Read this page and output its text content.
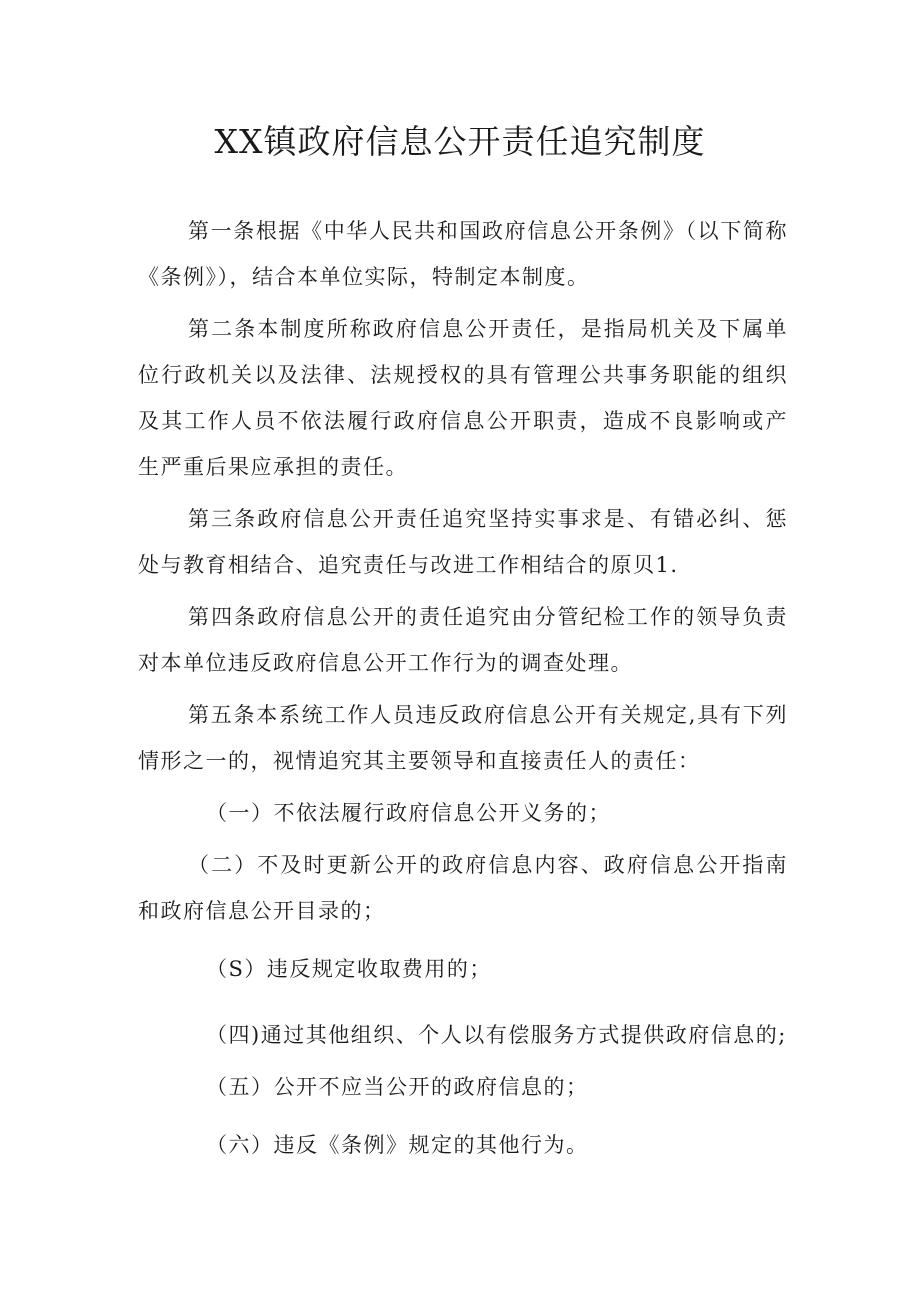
XX镇政府信息公开责任追究制度

第一条根据《中华人民共和国政府信息公开条例》（以下简称《条例》），结合本单位实际，特制定本制度。

第二条本制度所称政府信息公开责任，是指局机关及下属单位行政机关以及法律、法规授权的具有管理公共事务职能的组织及其工作人员不依法履行政府信息公开职责，造成不良影响或产生严重后果应承担的责任。

第三条政府信息公开责任追究坚持实事求是、有错必纠、惩处与教育相结合、追究责任与改进工作相结合的原贝1.

第四条政府信息公开的责任追究由分管纪检工作的领导负责对本单位违反政府信息公开工作行为的调查处理。

第五条本系统工作人员违反政府信息公开有关规定,具有下列情形之一的，视情追究其主要领导和直接责任人的责任：

（一）不依法履行政府信息公开义务的；

（二）不及时更新公开的政府信息内容、政府信息公开指南和政府信息公开目录的；

（S）违反规定收取费用的；

（四)通过其他组织、个人以有偿服务方式提供政府信息的;

（五）公开不应当公开的政府信息的；

（六）违反《条例》规定的其他行为。
